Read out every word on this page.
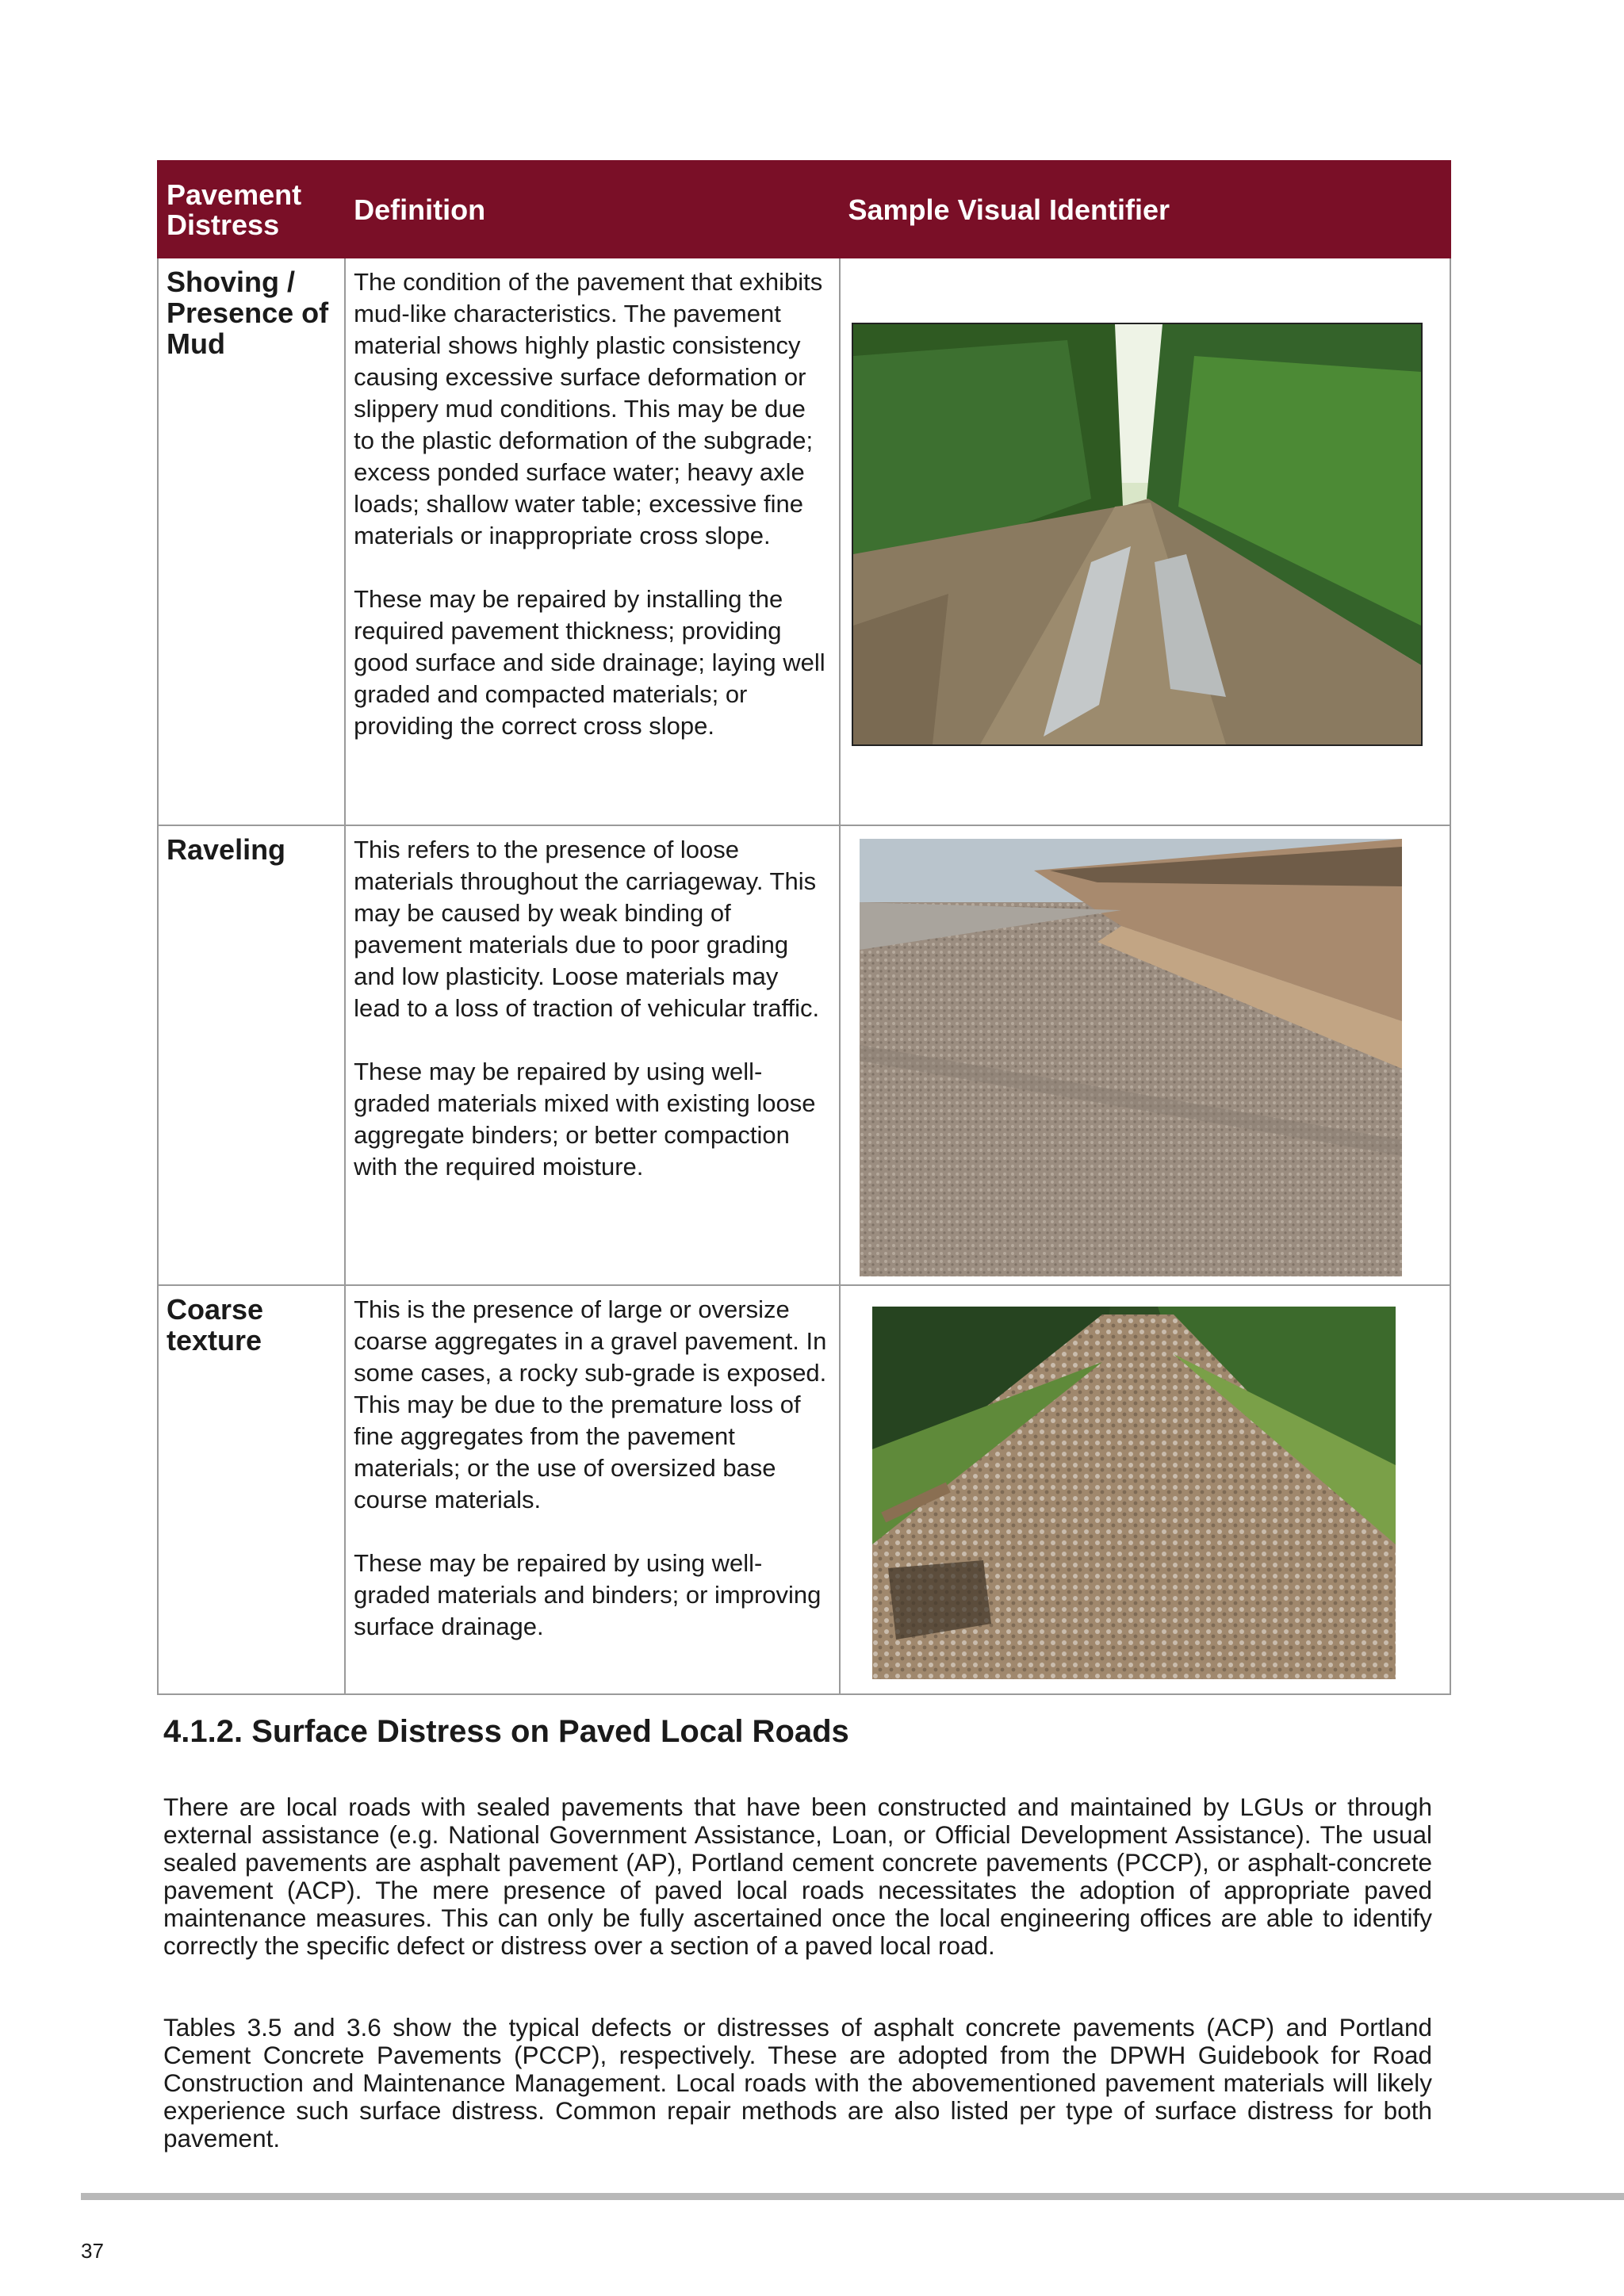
Pavement Distress	Definition	Sample Visual Identifier
Shoving / Presence of Mud	The condition of the pavement that exhibits mud-like characteristics. The pavement material shows highly plastic consistency causing excessive surface deformation or slippery mud conditions. This may be due to the plastic deformation of the subgrade; excess ponded surface water; heavy axle loads; shallow water table; excessive fine materials or inappropriate cross slope.

These may be repaired by installing the required pavement thickness; providing good surface and side drainage; laying well graded and compacted materials; or providing the correct cross slope.

Raveling	This refers to the presence of loose materials throughout the carriageway. This may be caused by weak binding of pavement materials due to poor grading and low plasticity. Loose materials may lead to a loss of traction of vehicular traffic.

These may be repaired by using well-graded materials mixed with existing loose aggregate binders; or better compaction with the required moisture.

Coarse texture	This is the presence of large or oversize coarse aggregates in a gravel pavement. In some cases, a rocky sub-grade is exposed. This may be due to the premature loss of fine aggregates from the pavement materials; or the use of oversized base course materials.

These may be repaired by using well-graded materials and binders; or improving surface drainage.

4.1.2. Surface Distress on Paved Local Roads

There are local roads with sealed pavements that have been constructed and maintained by LGUs or through external assistance (e.g. National Government Assistance, Loan, or Official Development Assistance). The usual sealed pavements are asphalt pavement (AP), Portland cement concrete pavements (PCCP), or asphalt-concrete pavement (ACP). The mere presence of paved local roads necessitates the adoption of appropriate paved maintenance measures. This can only be fully ascertained once the local engineering offices are able to identify correctly the specific defect or distress over a section of a paved local road.

Tables 3.5 and 3.6 show the typical defects or distresses of asphalt concrete pavements (ACP) and Portland Cement Concrete Pavements (PCCP), respectively. These are adopted from the DPWH Guidebook for Road Construction and Maintenance Management. Local roads with the abovementioned pavement materials will likely experience such surface distress. Common repair methods are also listed per type of surface distress for both pavement.

37
